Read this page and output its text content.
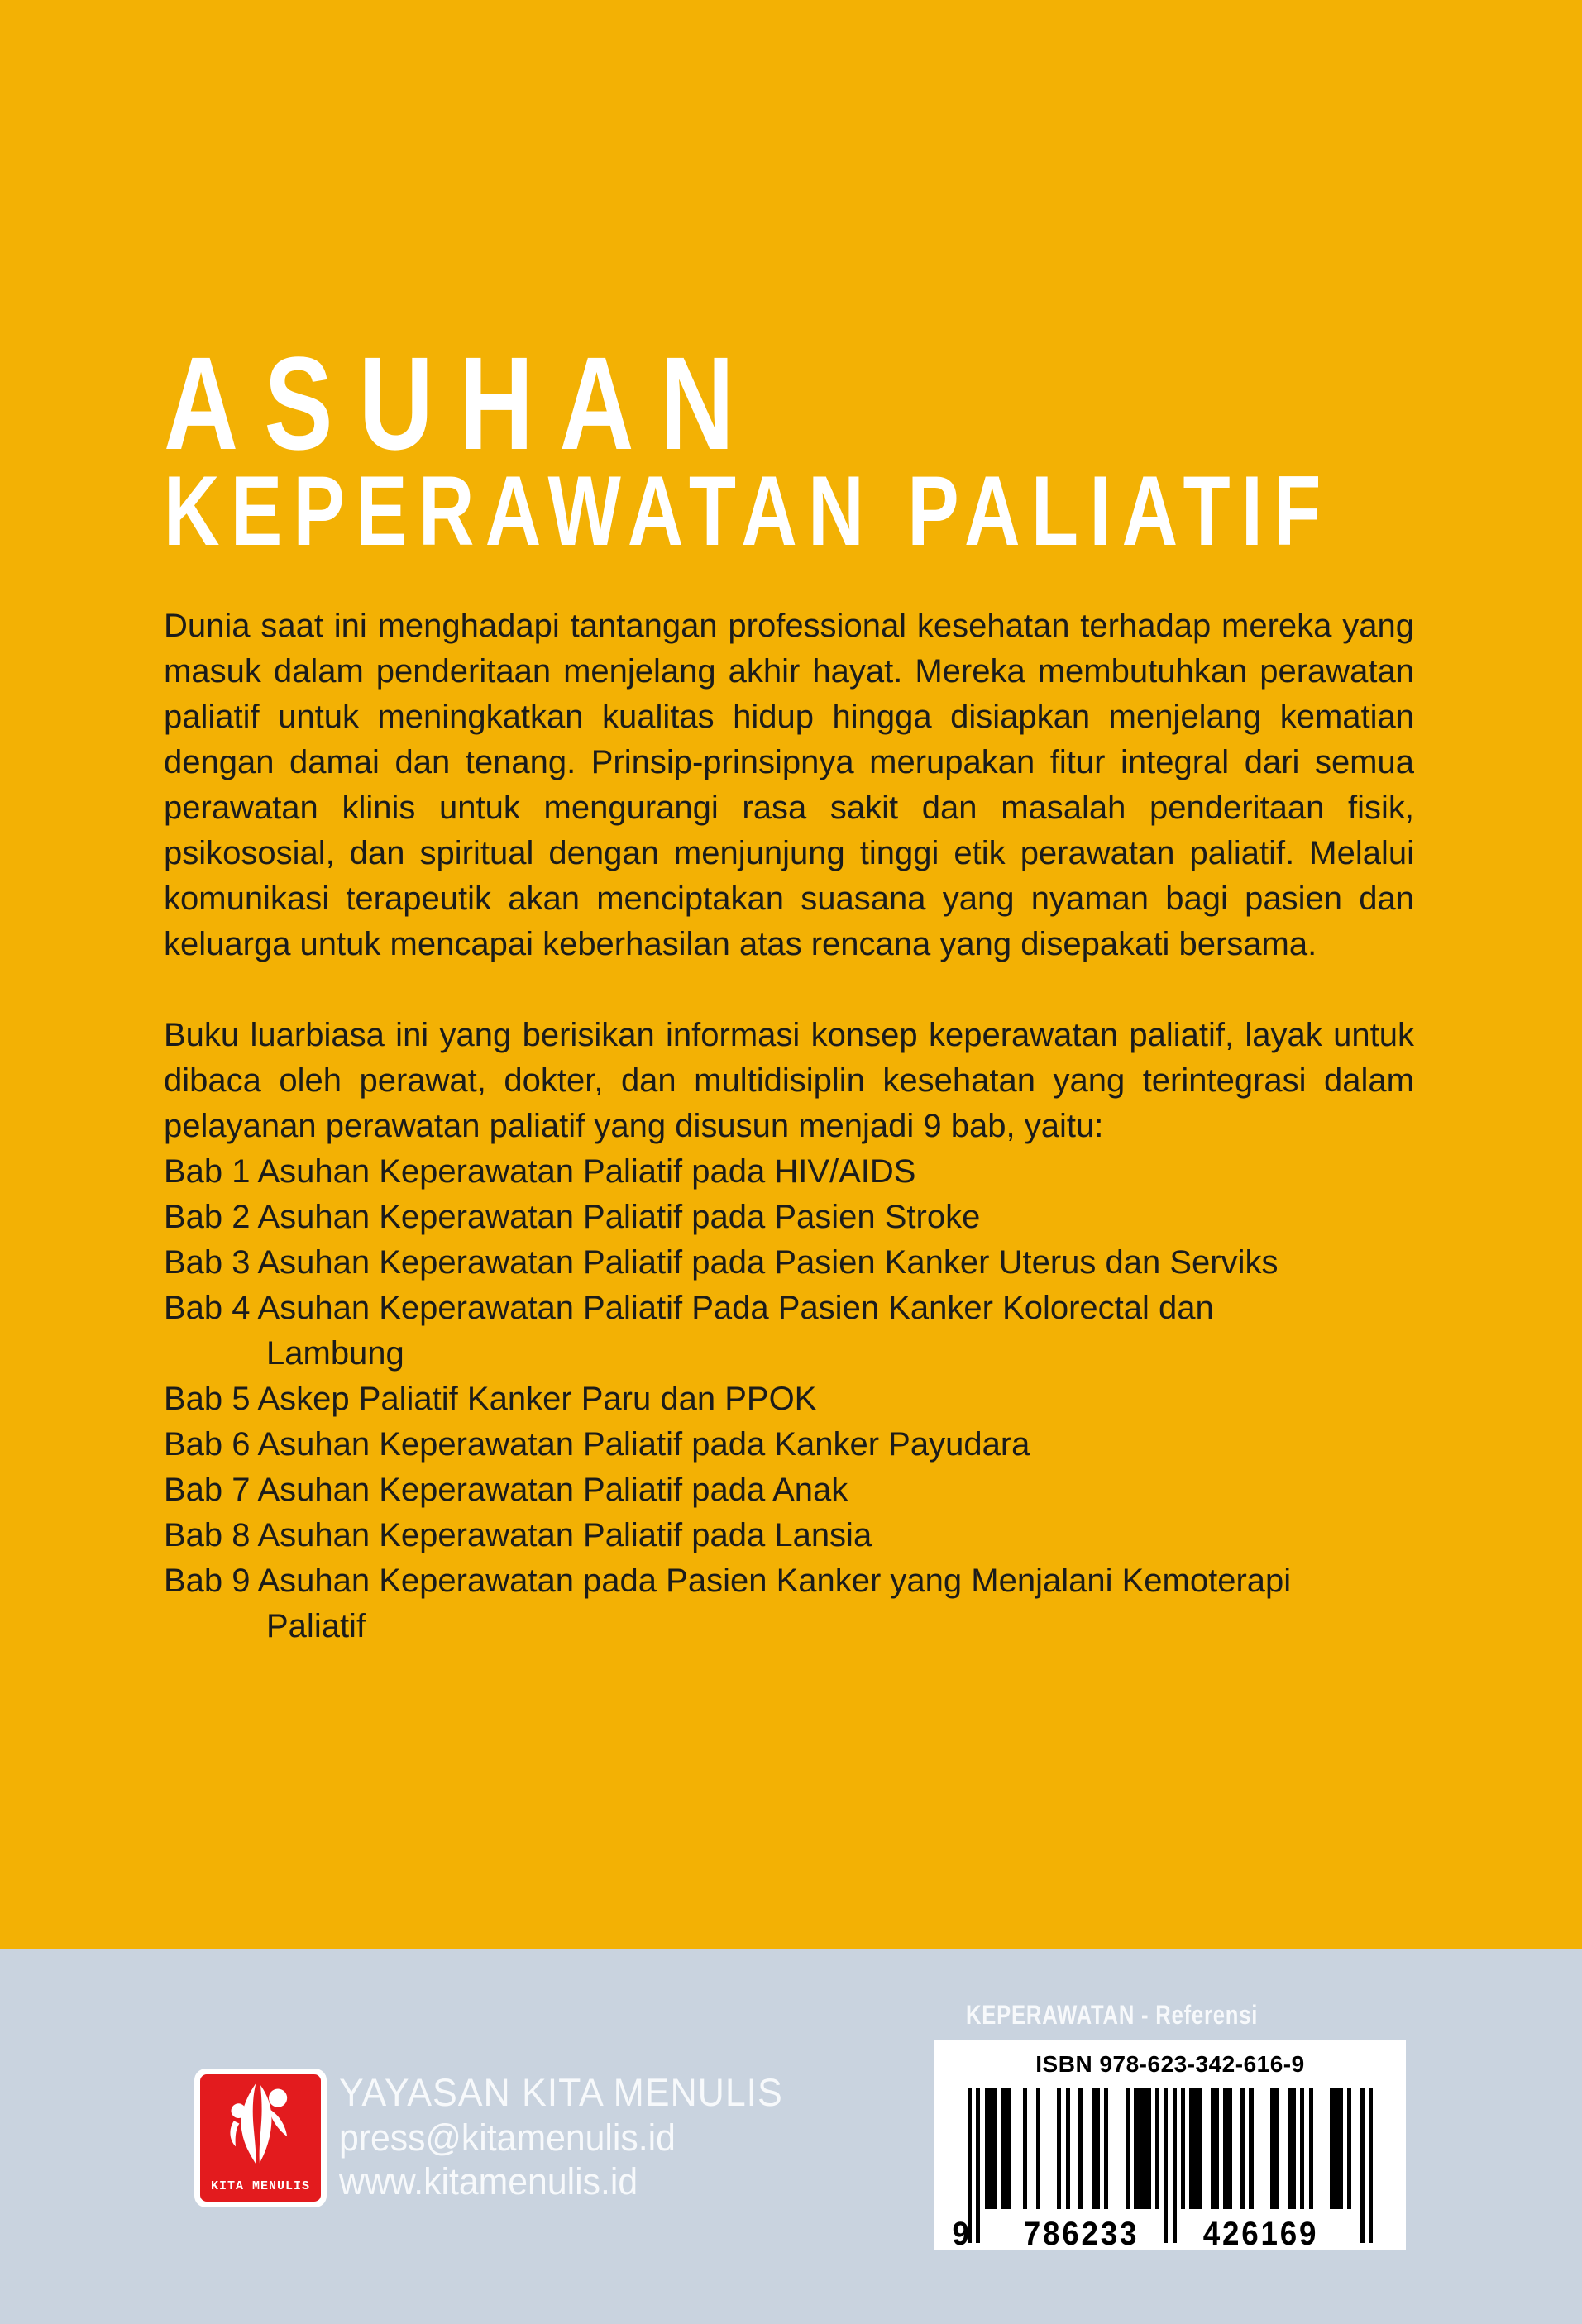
ASUHAN
KEPERAWATAN PALIATIF

Dunia saat ini menghadapi tantangan professional kesehatan terhadap mereka yang masuk dalam penderitaan menjelang akhir hayat. Mereka membutuhkan perawatan paliatif untuk meningkatkan kualitas hidup hingga disiapkan menjelang kematian dengan damai dan tenang. Prinsip-prinsipnya merupakan fitur integral dari semua perawatan klinis untuk mengurangi rasa sakit dan masalah penderitaan fisik, psikososial, dan spiritual dengan menjunjung tinggi etik perawatan paliatif. Melalui komunikasi terapeutik akan menciptakan suasana yang nyaman bagi pasien dan keluarga untuk mencapai keberhasilan atas rencana yang disepakati bersama.

Buku luarbiasa ini yang berisikan informasi konsep keperawatan paliatif, layak untuk dibaca oleh perawat, dokter, dan multidisiplin kesehatan yang terintegrasi dalam pelayanan perawatan paliatif yang disusun menjadi 9 bab, yaitu:

Bab 1 Asuhan Keperawatan Paliatif pada HIV/AIDS
Bab 2 Asuhan Keperawatan Paliatif pada Pasien Stroke
Bab 3 Asuhan Keperawatan Paliatif pada Pasien Kanker Uterus dan Serviks
Bab 4 Asuhan Keperawatan Paliatif Pada Pasien Kanker Kolorectal dan Lambung
Bab 5 Askep Paliatif Kanker Paru dan PPOK
Bab 6 Asuhan Keperawatan Paliatif pada Kanker Payudara
Bab 7 Asuhan Keperawatan Paliatif pada Anak
Bab 8 Asuhan Keperawatan Paliatif pada Lansia
Bab 9 Asuhan Keperawatan pada Pasien Kanker yang Menjalani Kemoterapi Paliatif
KITA MENULIS
YAYASAN KITA MENULIS
press@kitamenulis.id
www.kitamenulis.id
KEPERAWATAN - Referensi
ISBN 978-623-342-616-9
9 786233 426169
